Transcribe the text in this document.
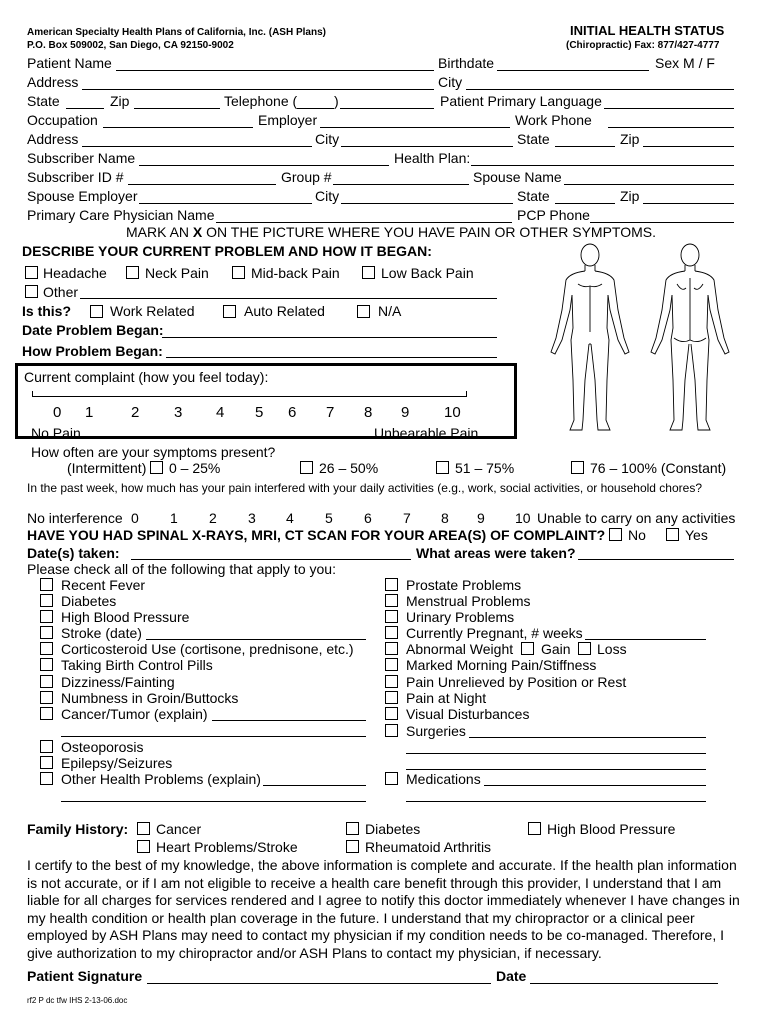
American Specialty Health Plans of California, Inc. (ASH Plans)
P.O. Box 509002, San Diego, CA 92150-9002
INITIAL HEALTH STATUS
(Chiropractic) Fax: 877/427-4777
Patient Name	Birthdate	Sex M / F
Address	City
State	Zip	Telephone (	)	Patient Primary Language
Occupation	Employer	Work Phone
Address	City	State	Zip
Subscriber Name	Health Plan:
Subscriber ID #	Group #	Spouse Name
Spouse Employer	City	State	Zip
Primary Care Physician Name	PCP Phone
MARK AN X ON THE PICTURE WHERE YOU HAVE PAIN OR OTHER SYMPTOMS.
DESCRIBE YOUR CURRENT PROBLEM AND HOW IT BEGAN:
Headache	Neck Pain	Mid-back Pain	Low Back Pain
Other
Is this?	Work Related	Auto Related	N/A
Date Problem Began:
How Problem Began:
Current complaint (how you feel today):
0 1	2 3 4 5 6 7 8 9 10
No Pain	Unbearable Pain
How often are your symptoms present?
(Intermittent) 0 – 25%	26 – 50%	51 – 75%	76 – 100% (Constant)
In the past week, how much has your pain interfered with your daily activities (e.g., work, social activities, or household chores?
No interference 0 1 2 3 4 5 6 7 8 9 10 Unable to carry on any activities
HAVE YOU HAD SPINAL X-RAYS, MRI, CT SCAN FOR YOUR AREA(S) OF COMPLAINT? No	Yes
Date(s) taken:	What areas were taken?
Please check all of the following that apply to you:
Recent Fever
Diabetes
High Blood Pressure
Stroke (date)
Corticosteroid Use (cortisone, prednisone, etc.)
Taking Birth Control Pills
Dizziness/Fainting
Numbness in Groin/Buttocks
Cancer/Tumor (explain)
Osteoporosis
Epilepsy/Seizures
Other Health Problems (explain)
Prostate Problems
Menstrual Problems
Urinary Problems
Currently Pregnant, # weeks
Abnormal Weight Gain Loss
Marked Morning Pain/Stiffness
Pain Unrelieved by Position or Rest
Pain at Night
Visual Disturbances
Surgeries
Medications
Family History: Cancer	Diabetes	High Blood Pressure
Heart Problems/Stroke	Rheumatoid Arthritis
I certify to the best of my knowledge, the above information is complete and accurate. If the health plan information
is not accurate, or if I am not eligible to receive a health care benefit through this provider, I understand that I am
liable for all charges for services rendered and I agree to notify this doctor immediately whenever I have changes in
my health condition or health plan coverage in the future. I understand that my chiropractor or a clinical peer
employed by ASH Plans may need to contact my physician if my condition needs to be co-managed. Therefore, I
give authorization to my chiropractor and/or ASH Plans to contact my physician, if necessary.
Patient Signature	Date
rf2 P dc tfw IHS 2-13-06.doc
